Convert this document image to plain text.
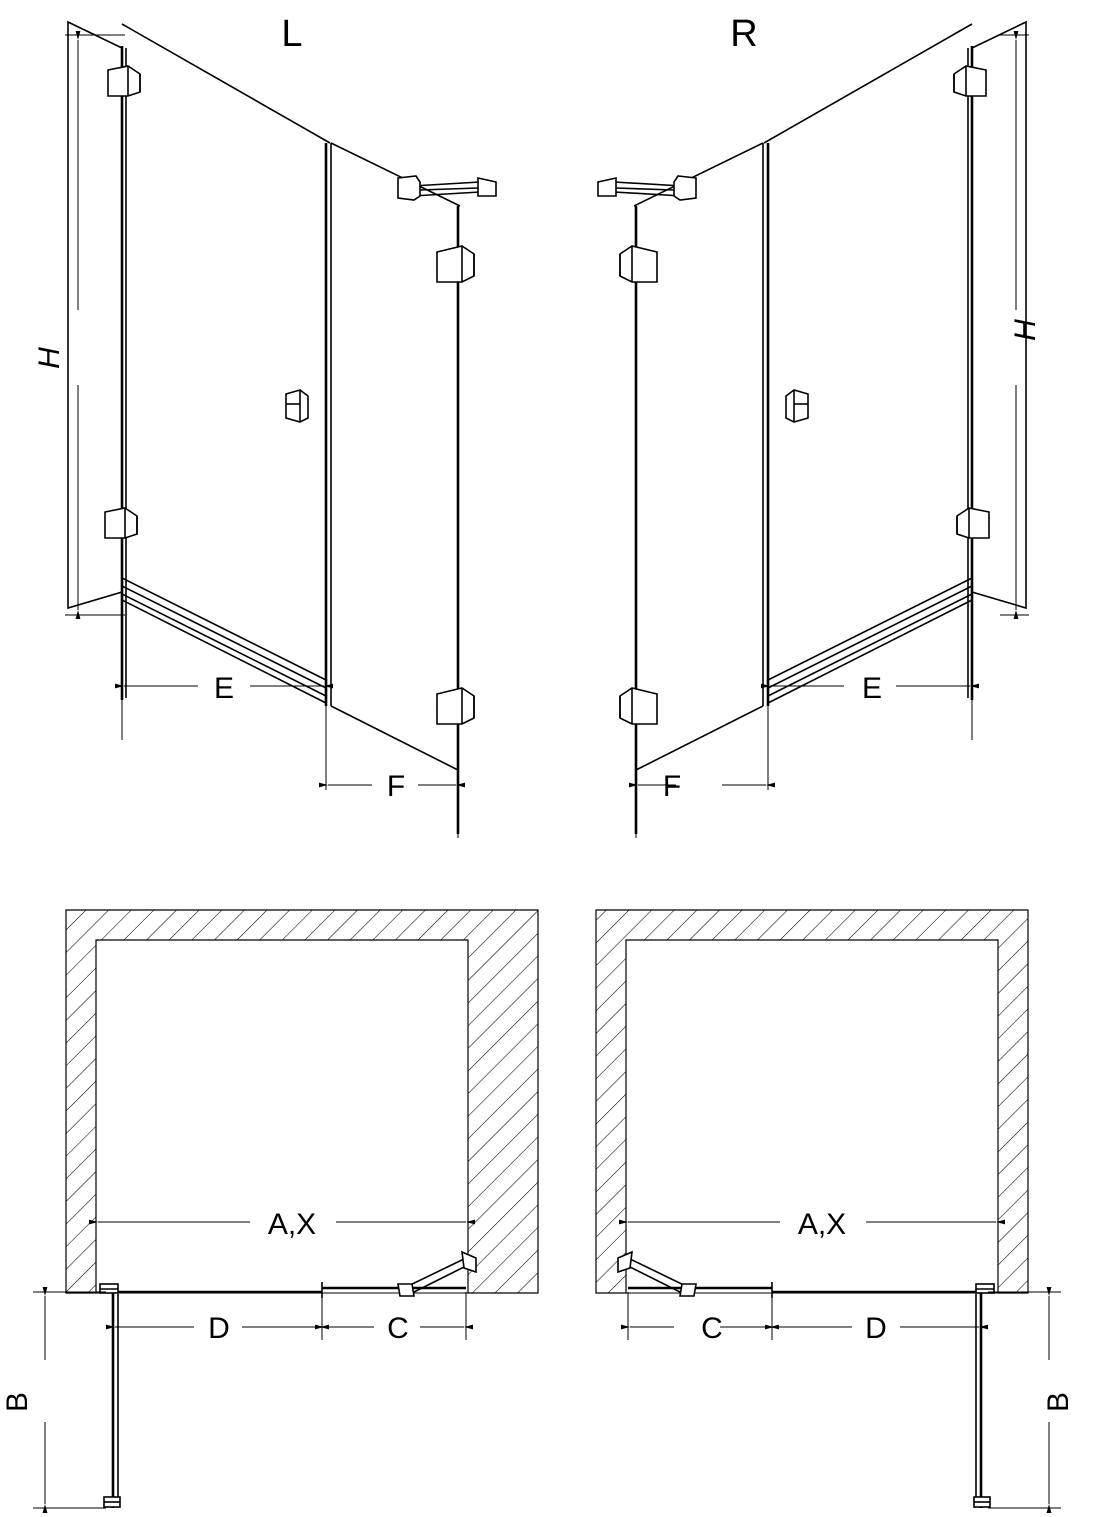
L
H
E
F
R
H
E
F
A,X
D	C
B
A,X
D
C
B
